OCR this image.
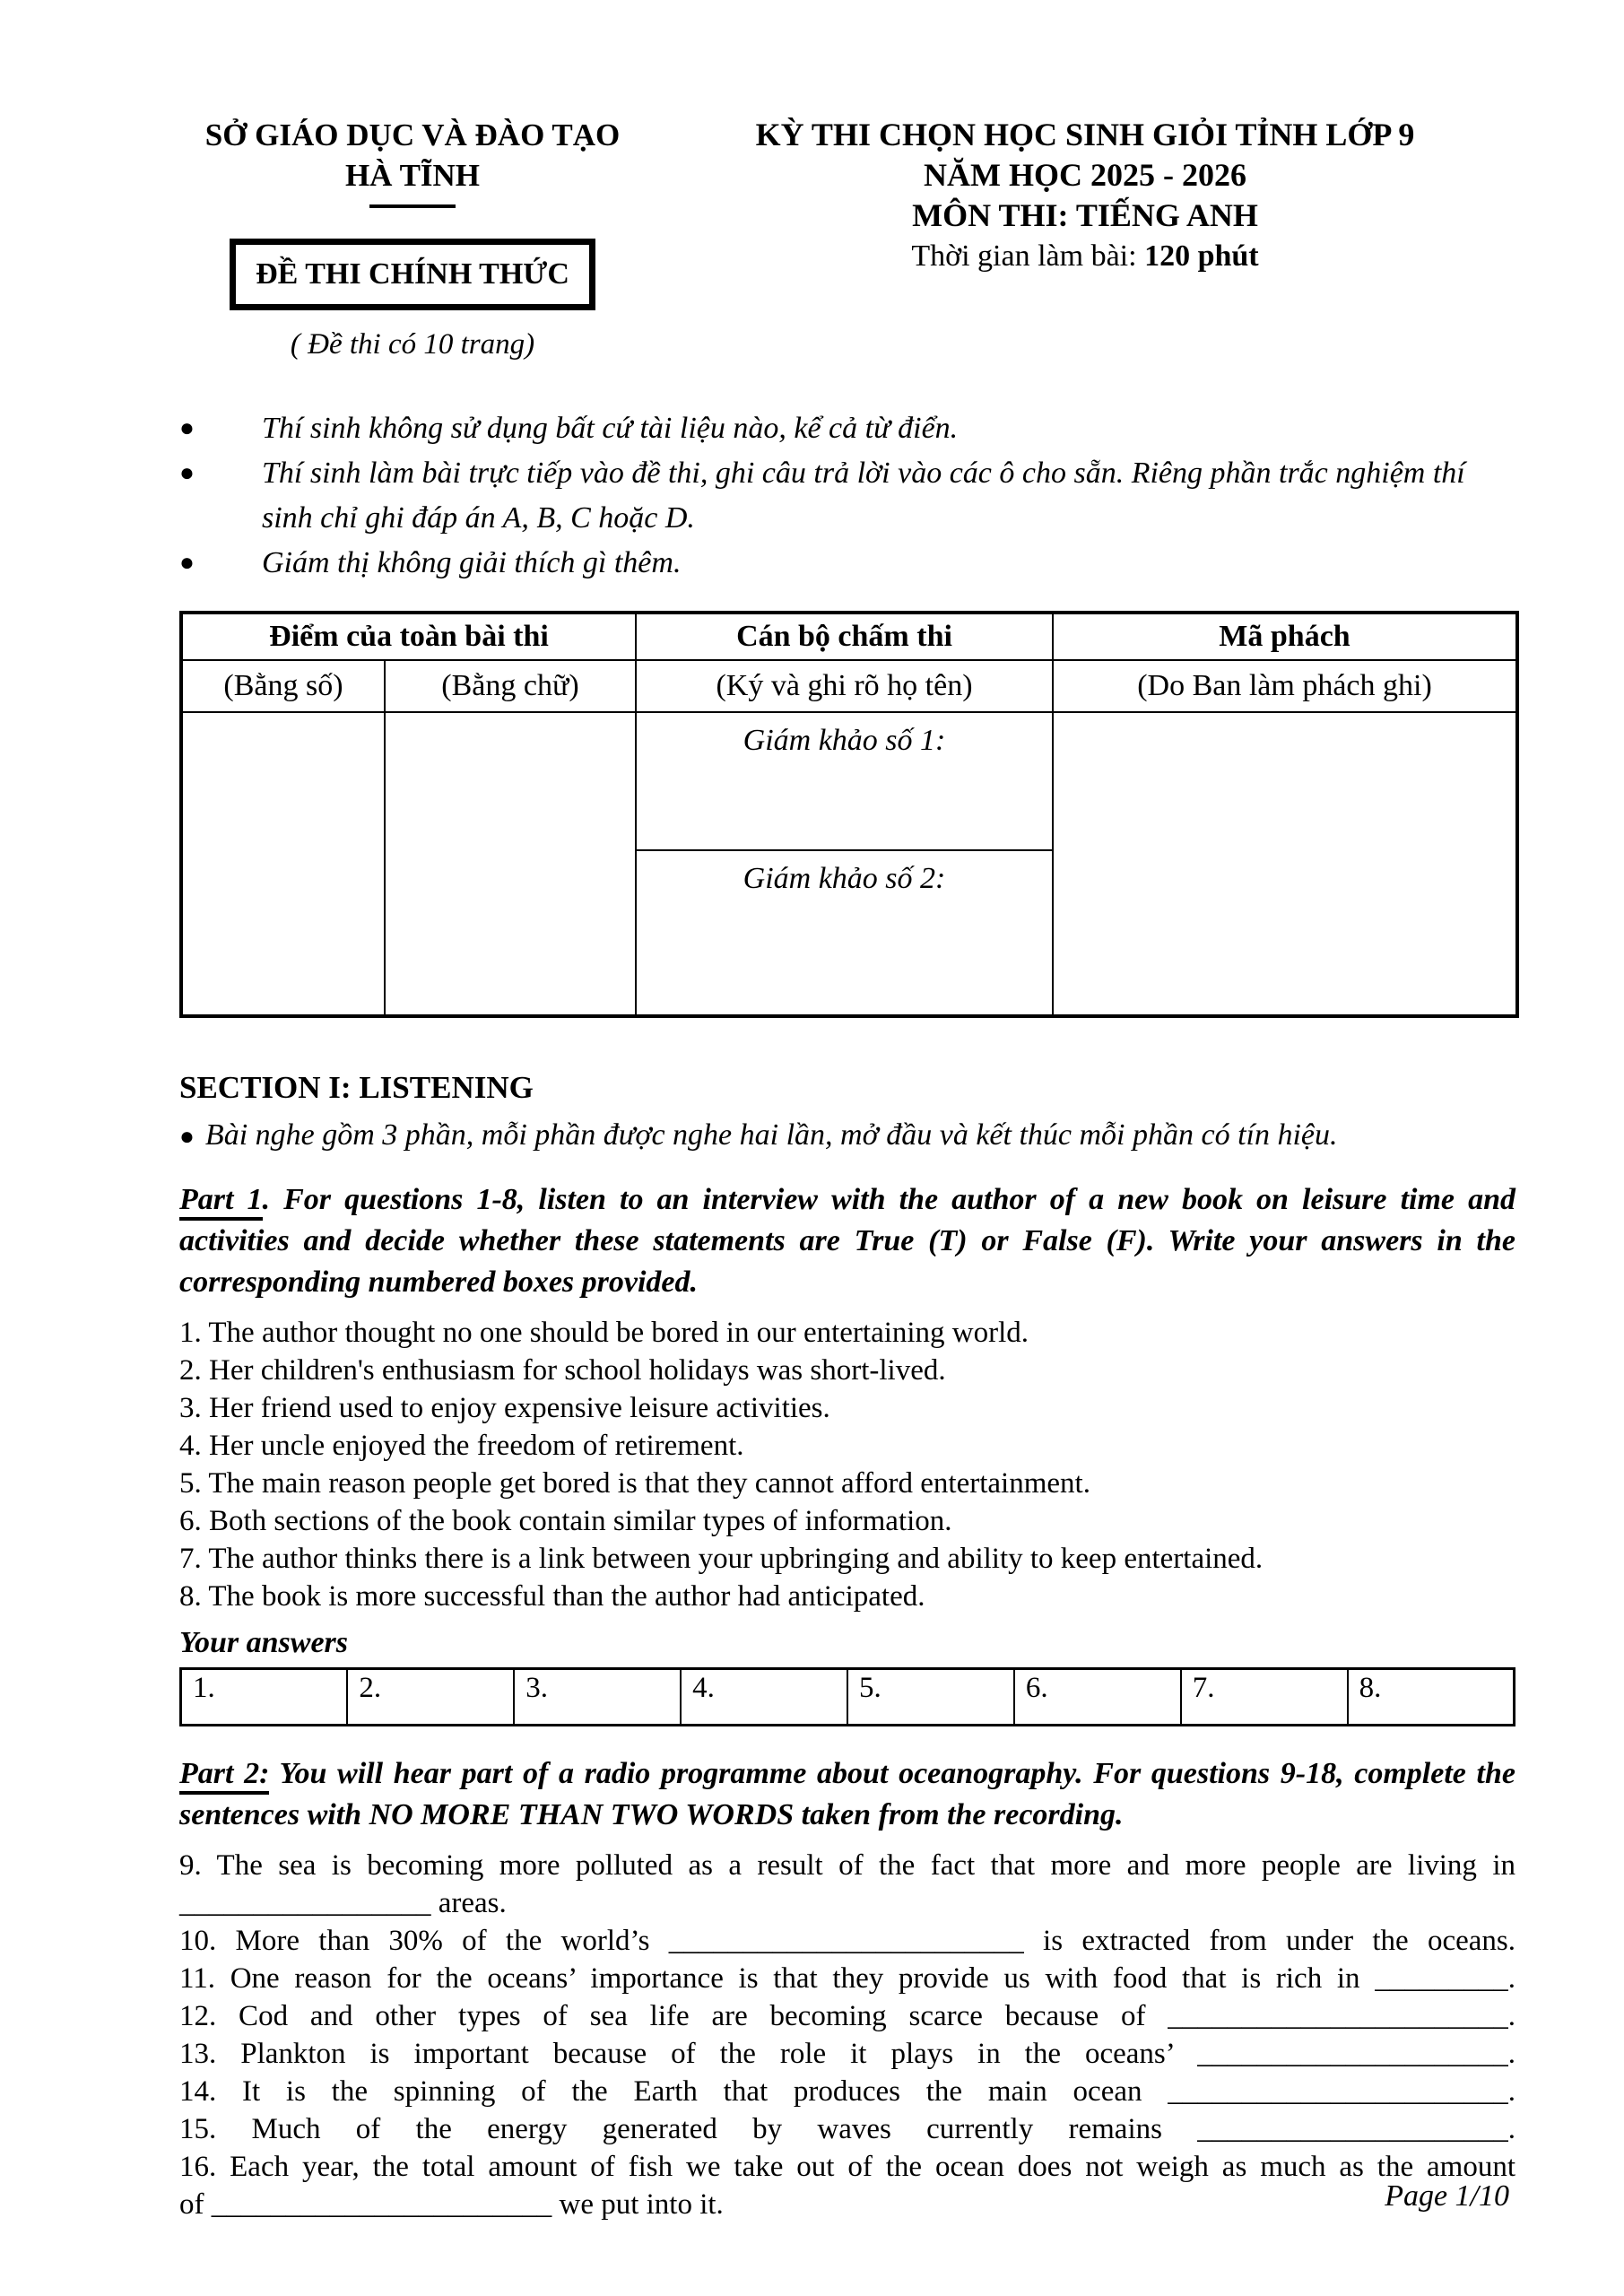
SỞ GIÁO DỤC VÀ ĐÀO TẠO
HÀ TĨNH
ĐỀ THI CHÍNH THỨC
( Đề thi có 10 trang)
KỲ THI CHỌN HỌC SINH GIỎI TỈNH LỚP 9
NĂM HỌC 2025 - 2026
MÔN THI: TIẾNG ANH
Thời gian làm bài: 120 phút
●	Thí sinh không sử dụng bất cứ tài liệu nào, kể cả từ điển.
●	Thí sinh làm bài trực tiếp vào đề thi, ghi câu trả lời vào các ô cho sẵn. Riêng phần trắc nghiệm thí sinh chỉ ghi đáp án A, B, C hoặc D.
●	Giám thị không giải thích gì thêm.
Điểm của toàn bài thi		Cán bộ chấm thi	Mã phách
(Bằng số)	(Bằng chữ)	(Ký và ghi rõ họ tên)	(Do Ban làm phách ghi)
		Giám khảo số 1:	
		Giám khảo số 2:	
SECTION I: LISTENING
● Bài nghe gồm 3 phần, mỗi phần được nghe hai lần, mở đầu và kết thúc mỗi phần có tín hiệu.

Part 1. For questions 1-8, listen to an interview with the author of a new book on leisure time and activities and decide whether these statements are True (T) or False (F). Write your answers in the corresponding numbered boxes provided.

1. The author thought no one should be bored in our entertaining world.
2. Her children's enthusiasm for school holidays was short-lived.
3. Her friend used to enjoy expensive leisure activities.
4. Her uncle enjoyed the freedom of retirement.
5. The main reason people get bored is that they cannot afford entertainment.
6. Both sections of the book contain similar types of information.
7. The author thinks there is a link between your upbringing and ability to keep entertained.
8. The book is more successful than the author had anticipated.
Your answers
1.	2.	3.	4.	5.	6.	7.	8.

Part 2: You will hear part of a radio programme about oceanography. For questions 9-18, complete the sentences with NO MORE THAN TWO WORDS taken from the recording.

9. The sea is becoming more polluted as a result of the fact that more and more people are living in
_________________ areas.
10. More than 30% of the world’s ________________________ is extracted from under the oceans.
11. One reason for the oceans’ importance is that they provide us with food that is rich in _________.
12. Cod and other types of sea life are becoming scarce because of _______________________.
13. Plankton is important because of the role it plays in the oceans’ _____________________.
14. It is the spinning of the Earth that produces the main ocean _______________________.
15. Much of the energy generated by waves currently remains _____________________.
16. Each year, the total amount of fish we take out of the ocean does not weigh as much as the amount
of _______________________ we put into it.	Page 1/10
